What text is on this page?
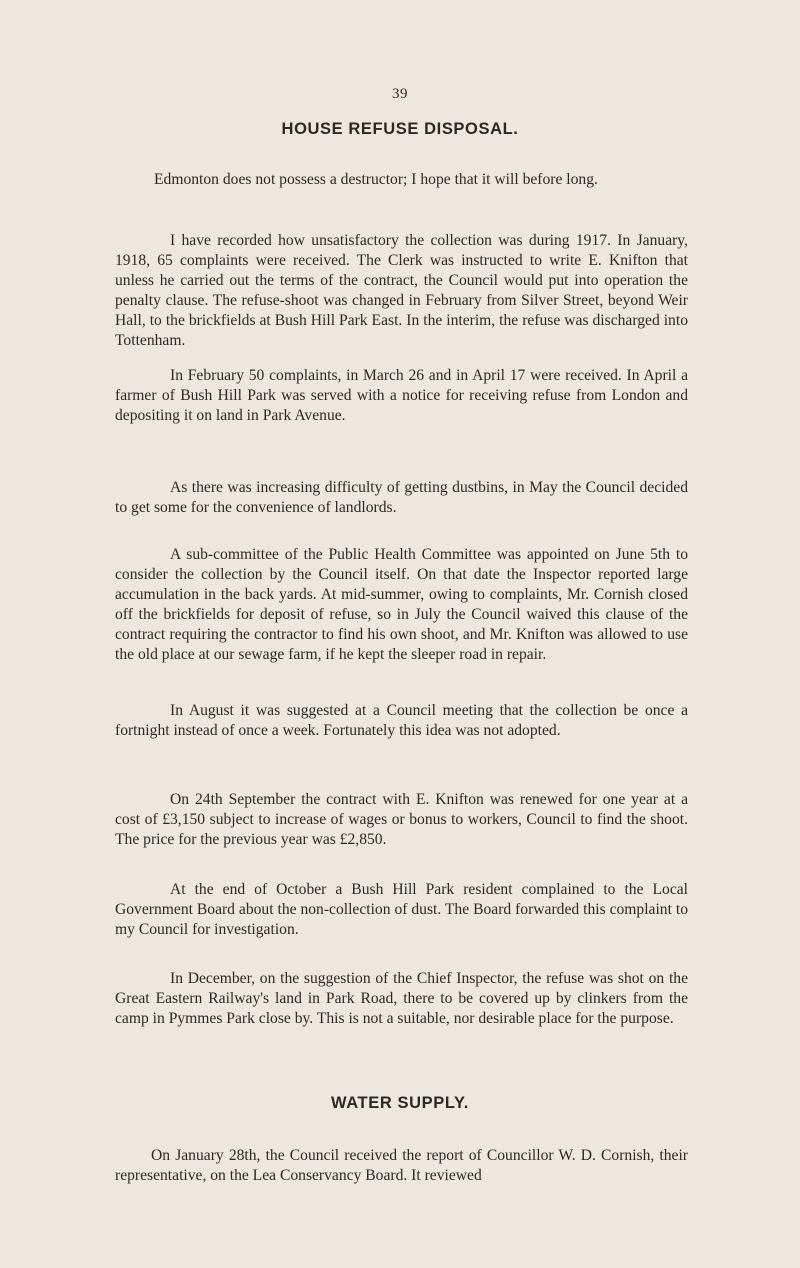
39
HOUSE REFUSE DISPOSAL.

Edmonton does not possess a destructor; I hope that it will before long.

I have recorded how unsatisfactory the collection was during 1917. In January, 1918, 65 complaints were received. The Clerk was instructed to write E. Knifton that unless he carried out the terms of the contract, the Council would put into operation the penalty clause. The refuse-shoot was changed in February from Silver Street, beyond Weir Hall, to the brickfields at Bush Hill Park East. In the interim, the refuse was discharged into Tottenham.

In February 50 complaints, in March 26 and in April 17 were received. In April a farmer of Bush Hill Park was served with a notice for receiving refuse from London and depositing it on land in Park Avenue.

As there was increasing difficulty of getting dustbins, in May the Council decided to get some for the convenience of landlords.

A sub-committee of the Public Health Committee was appointed on June 5th to consider the collection by the Council itself. On that date the Inspector reported large accumulation in the back yards. At mid-summer, owing to complaints, Mr. Cornish closed off the brickfields for deposit of refuse, so in July the Council waived this clause of the contract requiring the contractor to find his own shoot, and Mr. Knifton was allowed to use the old place at our sewage farm, if he kept the sleeper road in repair.

In August it was suggested at a Council meeting that the collection be once a fortnight instead of once a week. Fortunately this idea was not adopted.

On 24th September the contract with E. Knifton was renewed for one year at a cost of £3,150 subject to increase of wages or bonus to workers, Council to find the shoot. The price for the previous year was £2,850.

At the end of October a Bush Hill Park resident complained to the Local Government Board about the non-collection of dust. The Board forwarded this complaint to my Council for investigation.

In December, on the suggestion of the Chief Inspector, the refuse was shot on the Great Eastern Railway's land in Park Road, there to be covered up by clinkers from the camp in Pymmes Park close by. This is not a suitable, nor desirable place for the purpose.

WATER SUPPLY.

On January 28th, the Council received the report of Councillor W. D. Cornish, their representative, on the Lea Conservancy Board. It reviewed
